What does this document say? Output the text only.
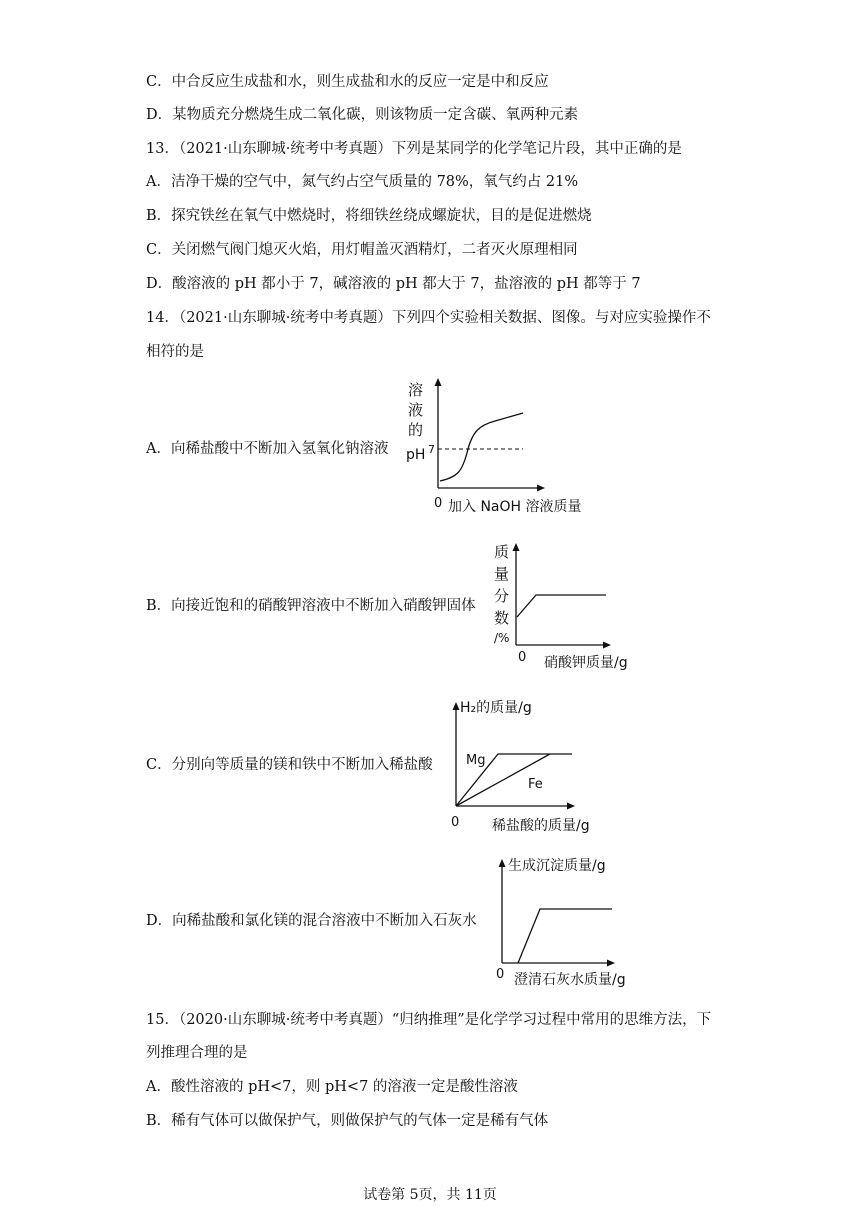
C．中合反应生成盐和水，则生成盐和水的反应一定是中和反应
D．某物质充分燃烧生成二氧化碳，则该物质一定含碳、氧两种元素
13．（2021·山东聊城·统考中考真题）下列是某同学的化学笔记片段，其中正确的是
A．洁净干燥的空气中，氮气约占空气质量的 78%，氧气约占 21%
B．探究铁丝在氧气中燃烧时，将细铁丝绕成螺旋状，目的是促进燃烧
C．关闭燃气阀门熄灭火焰，用灯帽盖灭酒精灯，二者灭火原理相同
D．酸溶液的 pH 都小于 7，碱溶液的 pH 都大于 7，盐溶液的 pH 都等于 7
14．（2021·山东聊城·统考中考真题）下列四个实验相关数据、图像。与对应实验操作不
相符的是
A．向稀盐酸中不断加入氢氧化钠溶液
溶
液
的
pH 7
0 加入 NaOH 溶液质量
B．向接近饱和的硝酸钾溶液中不断加入硝酸钾固体
质
量
分
数
/%
0 硝酸钾质量/g
C．分别向等质量的镁和铁中不断加入稀盐酸
H₂的质量/g
Mg
Fe
0 稀盐酸的质量/g
D．向稀盐酸和氯化镁的混合溶液中不断加入石灰水
生成沉淀质量/g
0 澄清石灰水质量/g
15．（2020·山东聊城·统考中考真题）“归纳推理”是化学学习过程中常用的思维方法，下
列推理合理的是
A．酸性溶液的 pH<7，则 pH<7 的溶液一定是酸性溶液
B．稀有气体可以做保护气，则做保护气的气体一定是稀有气体
试卷第 5页，共 11页
